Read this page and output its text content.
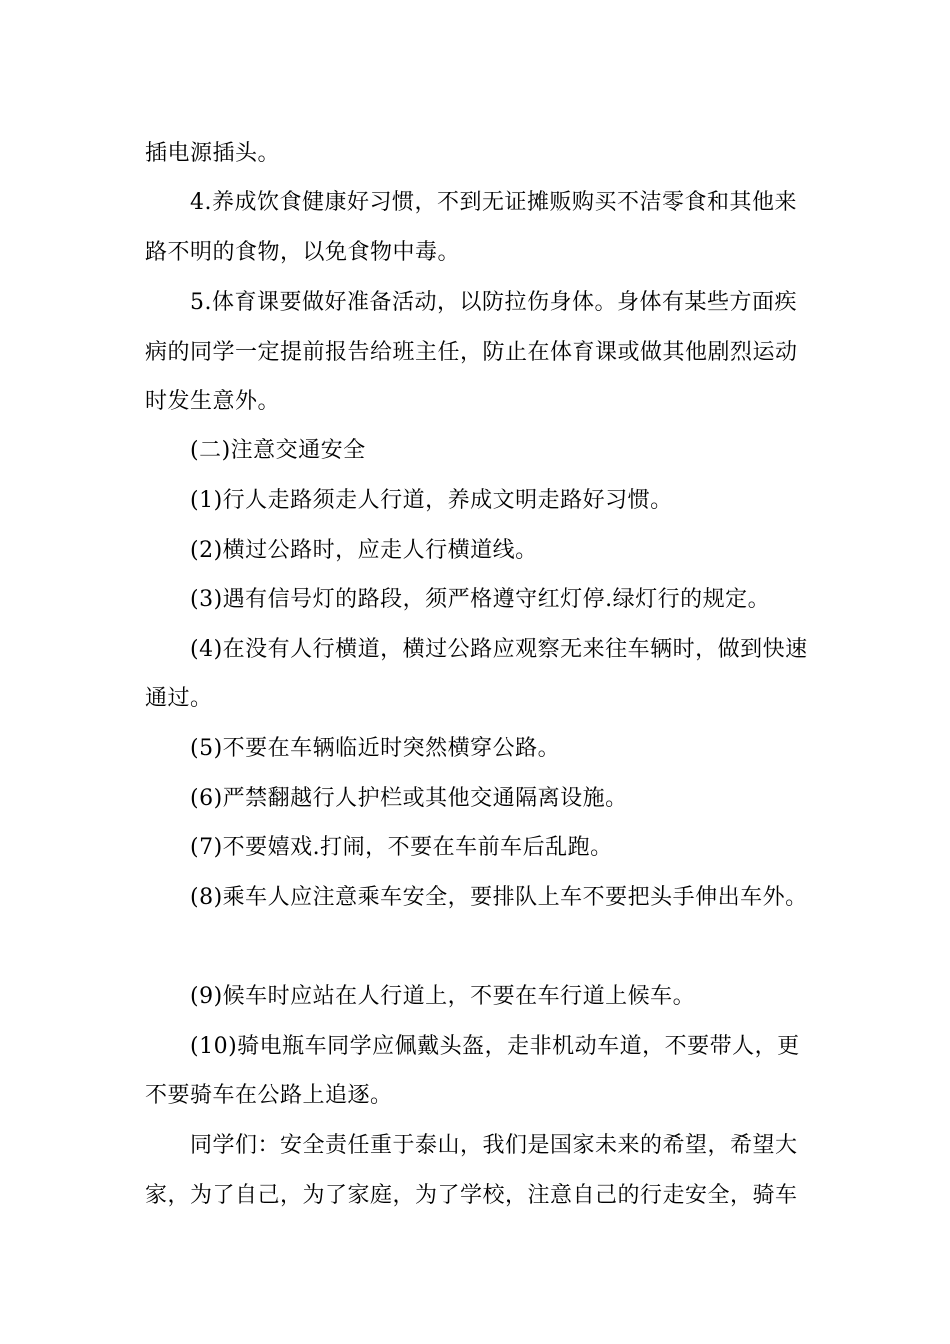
插电源插头。
4.养成饮食健康好习惯，不到无证摊贩购买不洁零食和其他来
路不明的食物，以免食物中毒。
5.体育课要做好准备活动，以防拉伤身体。身体有某些方面疾
病的同学一定提前报告给班主任，防止在体育课或做其他剧烈运动
时发生意外。
(二)注意交通安全
(1)行人走路须走人行道，养成文明走路好习惯。
(2)横过公路时，应走人行横道线。
(3)遇有信号灯的路段，须严格遵守红灯停.绿灯行的规定。
(4)在没有人行横道，横过公路应观察无来往车辆时，做到快速
通过。
(5)不要在车辆临近时突然横穿公路。
(6)严禁翻越行人护栏或其他交通隔离设施。
(7)不要嬉戏.打闹，不要在车前车后乱跑。
(8)乘车人应注意乘车安全，要排队上车不要把头手伸出车外。
(9)候车时应站在人行道上，不要在车行道上候车。
(10)骑电瓶车同学应佩戴头盔，走非机动车道，不要带人，更
不要骑车在公路上追逐。
同学们：安全责任重于泰山，我们是国家未来的希望，希望大
家，为了自己，为了家庭，为了学校，注意自己的行走安全，骑车
